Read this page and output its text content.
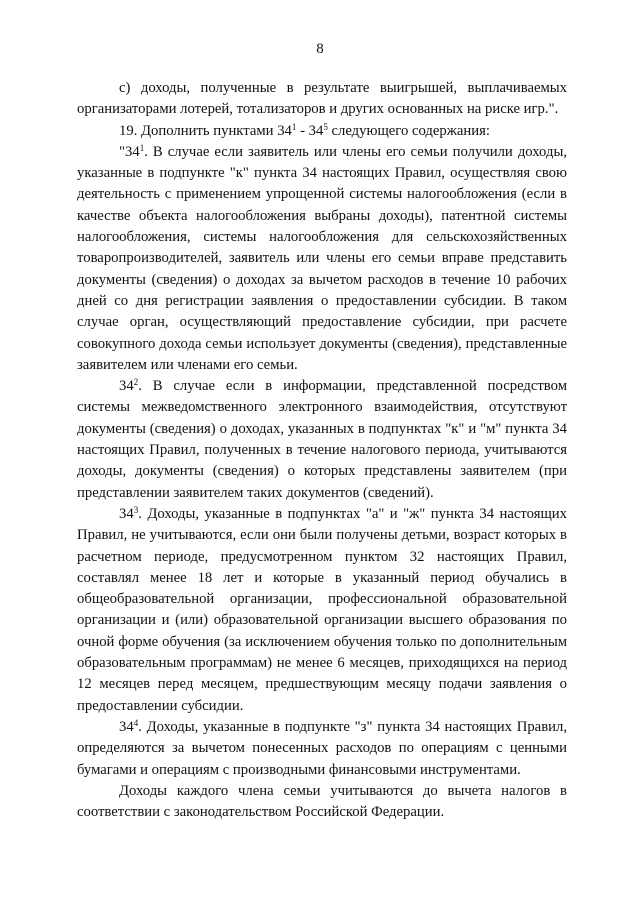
8

с) доходы, полученные в результате выигрышей, выплачиваемых организаторами лотерей, тотализаторов и других основанных на риске игр.".

19. Дополнить пунктами $34^1 - 34^5$ следующего содержания:

"$34^1$. В случае если заявитель или члены его семьи получили доходы, указанные в подпункте "к" пункта 34 настоящих Правил, осуществляя свою деятельность с применением упрощенной системы налогообложения (если в качестве объекта налогообложения выбраны доходы), патентной системы налогообложения, системы налогообложения для сельскохозяйственных товаропроизводителей, заявитель или члены его семьи вправе представить документы (сведения) о доходах за вычетом расходов в течение 10 рабочих дней со дня регистрации заявления о предоставлении субсидии. В таком случае орган, осуществляющий предоставление субсидии, при расчете совокупного дохода семьи использует документы (сведения), представленные заявителем или членами его семьи.

$34^2$. В случае если в информации, представленной посредством системы межведомственного электронного взаимодействия, отсутствуют документы (сведения) о доходах, указанных в подпунктах "к" и "м" пункта 34 настоящих Правил, полученных в течение налогового периода, учитываются доходы, документы (сведения) о которых представлены заявителем (при представлении заявителем таких документов (сведений).

$34^3$. Доходы, указанные в подпунктах "а" и "ж" пункта 34 настоящих Правил, не учитываются, если они были получены детьми, возраст которых в расчетном периоде, предусмотренном пунктом 32 настоящих Правил, составлял менее 18 лет и которые в указанный период обучались в общеобразовательной организации, профессиональной образовательной организации и (или) образовательной организации высшего образования по очной форме обучения (за исключением обучения только по дополнительным образовательным программам) не менее 6 месяцев, приходящихся на период 12 месяцев перед месяцем, предшествующим месяцу подачи заявления о предоставлении субсидии.

$34^4$. Доходы, указанные в подпункте "з" пункта 34 настоящих Правил, определяются за вычетом понесенных расходов по операциям с ценными бумагами и операциям с производными финансовыми инструментами.

Доходы каждого члена семьи учитываются до вычета налогов в соответствии с законодательством Российской Федерации.
